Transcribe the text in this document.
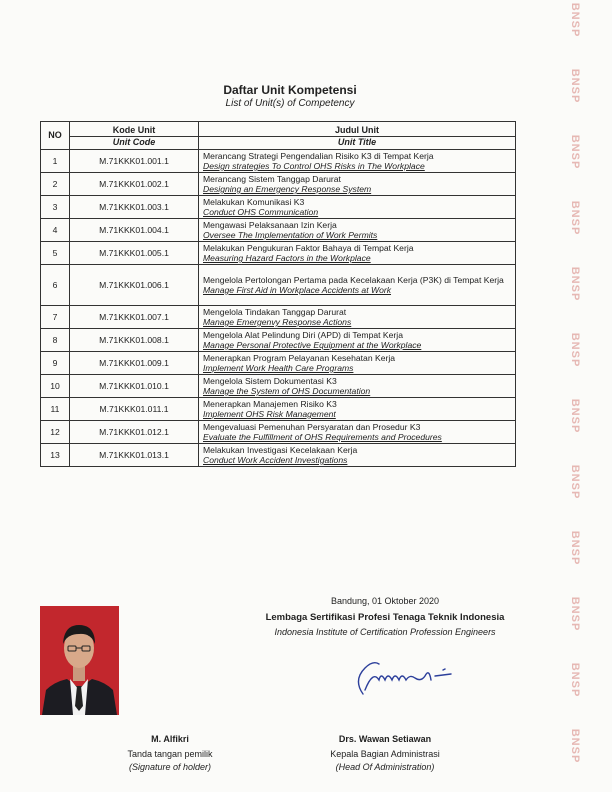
BNSP
BNSP
BNSP
BNSP
BNSP
BNSP
BNSP
BNSP
BNSP
BNSP
BNSP
BNSP
Daftar Unit Kompetensi
List of Unit(s) of Competency
NO	Kode Unit	Judul Unit
	Unit Code	Unit Title
1	M.71KKK01.001.1	Merancang Strategi Pengendalian Risiko K3 di Tempat Kerja
Design strategies To Control OHS Risks in The Workplace

2	M.71KKK01.002.1	Merancang Sistem Tanggap Darurat
Designing an Emergency Response System

3	M.71KKK01.003.1	Melakukan Komunikasi K3
Conduct OHS Communication

4	M.71KKK01.004.1	Mengawasi Pelaksanaan Izin Kerja
Oversee The Implementation of Work Permits

5	M.71KKK01.005.1	Melakukan Pengukuran Faktor Bahaya di Tempat Kerja
Measuring Hazard Factors in the Workplace

6	M.71KKK01.006.1	Mengelola Pertolongan Pertama pada Kecelakaan Kerja (P3K) di Tempat Kerja
Manage First Aid in Workplace Accidents at Work

7	M.71KKK01.007.1	Mengelola Tindakan Tanggap Darurat
Manage Emergenvy Response Actions

8	M.71KKK01.008.1	Mengelola Alat Pelindung Diri (APD) di Tempat Kerja
Manage Personal Protective Equipment at the Workplace

9	M.71KKK01.009.1	Menerapkan Program Pelayanan Kesehatan Kerja
Implement Work Health Care Programs

10	M.71KKK01.010.1	Mengelola Sistem Dokumentasi K3
Manage the System of OHS Documentation

11	M.71KKK01.011.1	Menerapkan Manajemen Risiko K3
Implement OHS Risk Management

12	M.71KKK01.012.1	Mengevaluasi Pemenuhan Persyaratan dan Prosedur K3
Evaluate the Fulfillment of OHS Requirements and Procedures

13	M.71KKK01.013.1	Melakukan Investigasi Kecelakaan Kerja
Conduct Work Accident Investigations
Bandung, 01 Oktober 2020
Lembaga Sertifikasi Profesi Tenaga Teknik Indonesia
Indonesia Institute of Certification Profession Engineers
M. Alfikri
Tanda tangan pemilik
(Signature of holder)
Drs. Wawan Setiawan
Kepala Bagian Administrasi
(Head Of Administration)
